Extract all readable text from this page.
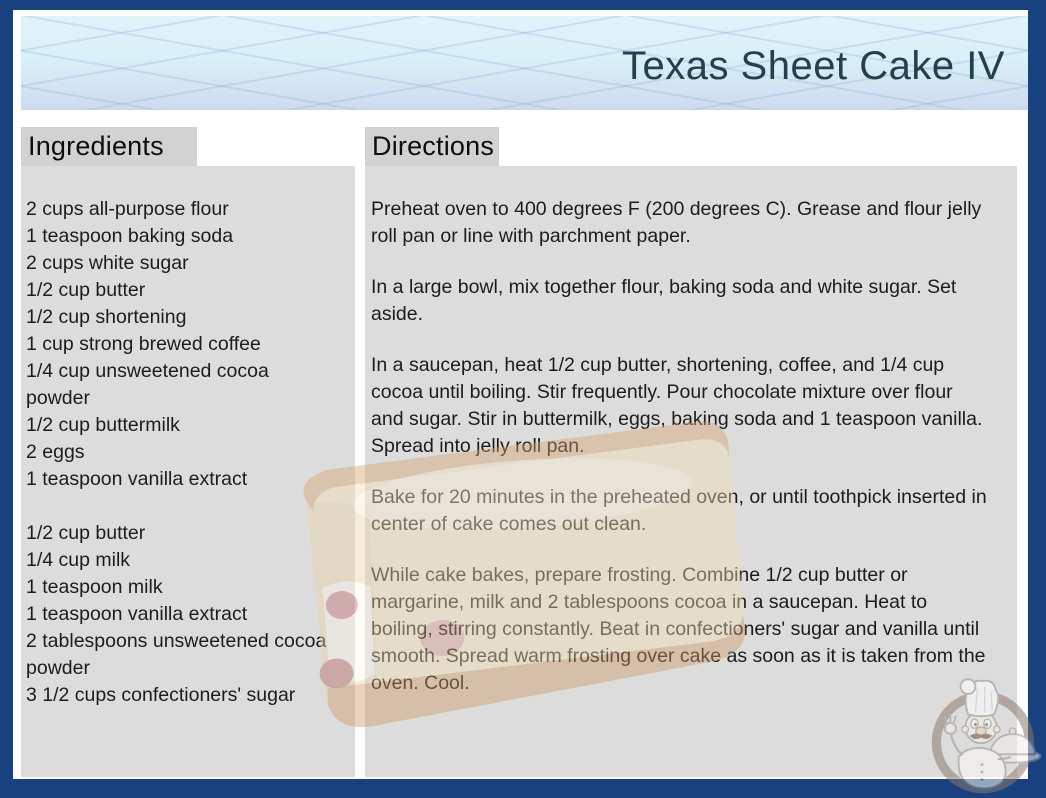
Texas Sheet Cake IV
Ingredients
2 cups all-purpose flour
1 teaspoon baking soda
2 cups white sugar
1/2 cup butter
1/2 cup shortening
1 cup strong brewed coffee
1/4 cup unsweetened cocoa powder
1/2 cup buttermilk
2 eggs
1 teaspoon vanilla extract
1/2 cup butter
1/4 cup milk
1 teaspoon milk
1 teaspoon vanilla extract
2 tablespoons unsweetened cocoa powder
3 1/2 cups confectioners' sugar
Directions
Preheat oven to 400 degrees F (200 degrees C). Grease and flour jelly roll pan or line with parchment paper.
In a large bowl, mix together flour, baking soda and white sugar. Set aside.
In a saucepan, heat 1/2 cup butter, shortening, coffee, and 1/4 cup cocoa until boiling. Stir frequently. Pour chocolate mixture over flour and sugar. Stir in buttermilk, eggs, baking soda and 1 teaspoon vanilla. Spread into jelly roll pan.
Bake for 20 minutes in the preheated oven, or until toothpick inserted in center of cake comes out clean.
While cake bakes, prepare frosting. Combine 1/2 cup butter or margarine, milk and 2 tablespoons cocoa in a saucepan. Heat to boiling, stirring constantly. Beat in confectioners' sugar and vanilla until smooth. Spread warm frosting over cake as soon as it is taken from the oven. Cool.
